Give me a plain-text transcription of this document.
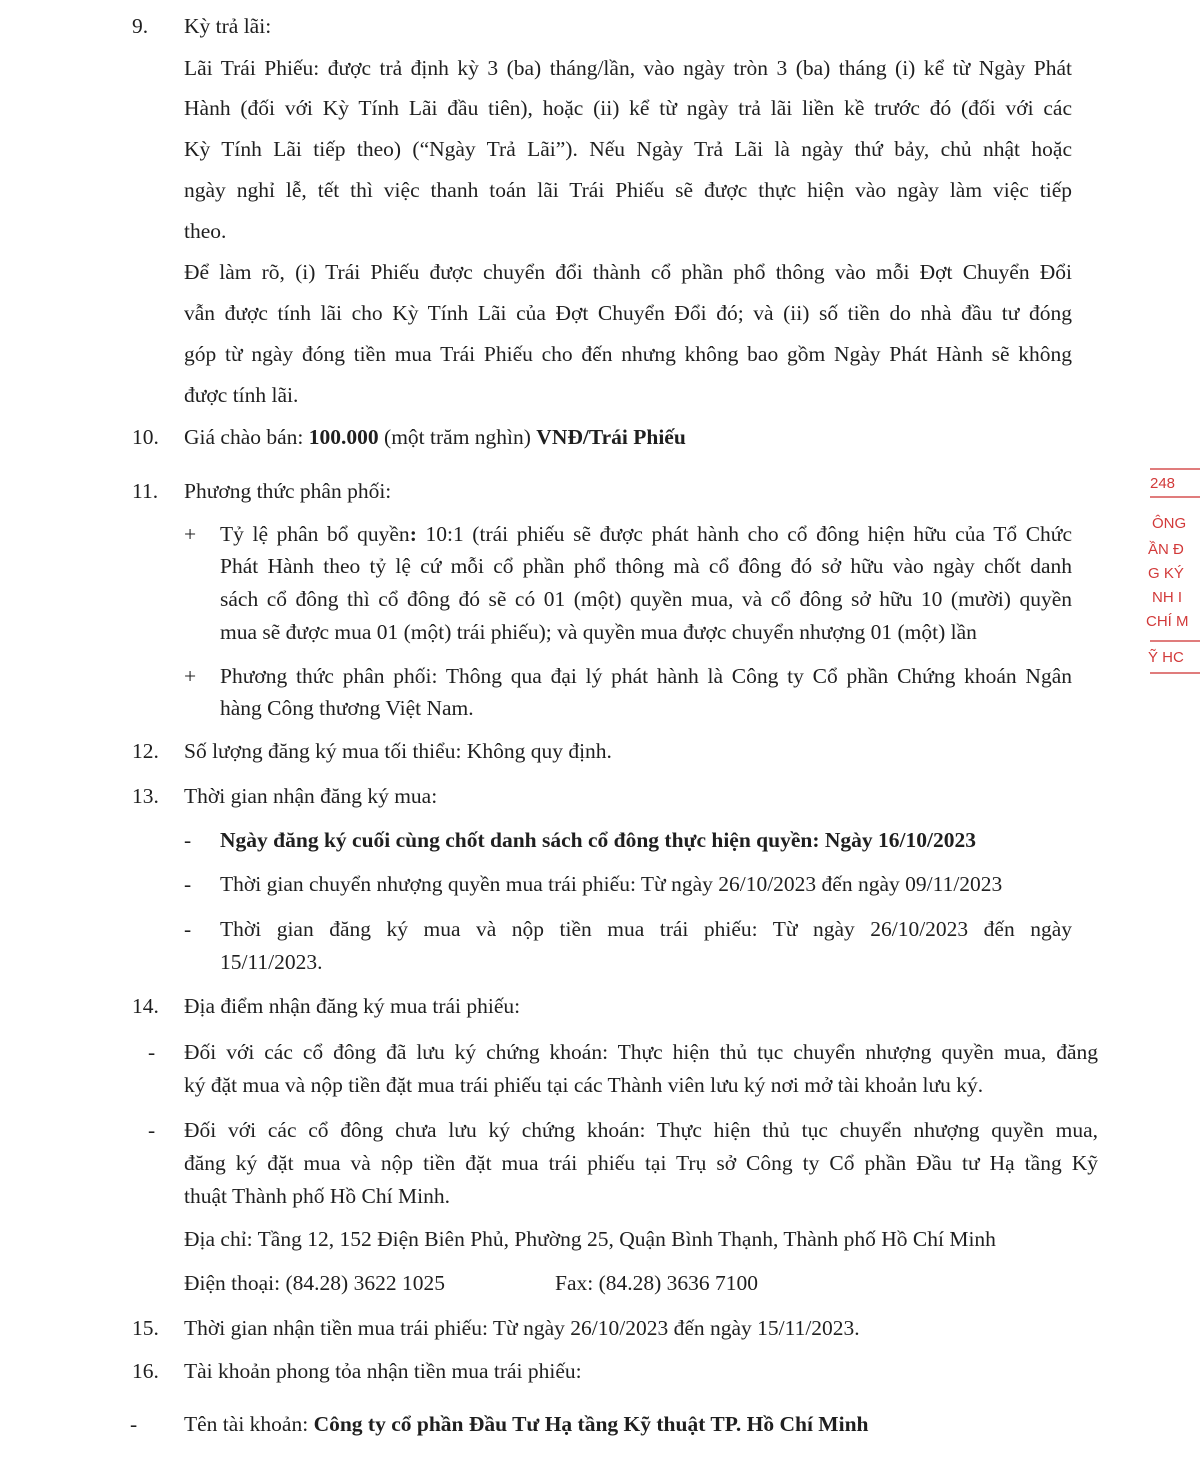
9. Kỳ trả lãi:
Lãi Trái Phiếu: được trả định kỳ 3 (ba) tháng/lần, vào ngày tròn 3 (ba) tháng (i) kể từ Ngày Phát
Hành (đối với Kỳ Tính Lãi đầu tiên), hoặc (ii) kể từ ngày trả lãi liền kề trước đó (đối với các
Kỳ Tính Lãi tiếp theo) (“Ngày Trả Lãi”). Nếu Ngày Trả Lãi là ngày thứ bảy, chủ nhật hoặc
ngày nghỉ lễ, tết thì việc thanh toán lãi Trái Phiếu sẽ được thực hiện vào ngày làm việc tiếp
theo.
Để làm rõ, (i) Trái Phiếu được chuyển đổi thành cổ phần phổ thông vào mỗi Đợt Chuyển Đổi
vẫn được tính lãi cho Kỳ Tính Lãi của Đợt Chuyển Đổi đó; và (ii) số tiền do nhà đầu tư đóng
góp từ ngày đóng tiền mua Trái Phiếu cho đến nhưng không bao gồm Ngày Phát Hành sẽ không
được tính lãi.
10. Giá chào bán: 100.000 (một trăm nghìn) VNĐ/Trái Phiếu
11. Phương thức phân phối:
+ Tỷ lệ phân bổ quyền: 10:1 (trái phiếu sẽ được phát hành cho cổ đông hiện hữu của Tổ Chức
Phát Hành theo tỷ lệ cứ mỗi cổ phần phổ thông mà cổ đông đó sở hữu vào ngày chốt danh
sách cổ đông thì cổ đông đó sẽ có 01 (một) quyền mua, và cổ đông sở hữu 10 (mười) quyền
mua sẽ được mua 01 (một) trái phiếu); và quyền mua được chuyển nhượng 01 (một) lần
+ Phương thức phân phối: Thông qua đại lý phát hành là Công ty Cổ phần Chứng khoán Ngân
hàng Công thương Việt Nam.
12. Số lượng đăng ký mua tối thiểu: Không quy định.
13. Thời gian nhận đăng ký mua:
- Ngày đăng ký cuối cùng chốt danh sách cổ đông thực hiện quyền: Ngày 16/10/2023
- Thời gian chuyển nhượng quyền mua trái phiếu: Từ ngày 26/10/2023 đến ngày 09/11/2023
- Thời gian đăng ký mua và nộp tiền mua trái phiếu: Từ ngày 26/10/2023 đến ngày
15/11/2023.
14. Địa điểm nhận đăng ký mua trái phiếu:
- Đối với các cổ đông đã lưu ký chứng khoán: Thực hiện thủ tục chuyển nhượng quyền mua, đăng
ký đặt mua và nộp tiền đặt mua trái phiếu tại các Thành viên lưu ký nơi mở tài khoản lưu ký.
- Đối với các cổ đông chưa lưu ký chứng khoán: Thực hiện thủ tục chuyển nhượng quyền mua,
đăng ký đặt mua và nộp tiền đặt mua trái phiếu tại Trụ sở Công ty Cổ phần Đầu tư Hạ tầng Kỹ
thuật Thành phố Hồ Chí Minh.
Địa chỉ: Tầng 12, 152 Điện Biên Phủ, Phường 25, Quận Bình Thạnh, Thành phố Hồ Chí Minh
Điện thoại: (84.28) 3622 1025	Fax: (84.28) 3636 7100
15. Thời gian nhận tiền mua trái phiếu: Từ ngày 26/10/2023 đến ngày 15/11/2023.
16. Tài khoản phong tỏa nhận tiền mua trái phiếu:
- Tên tài khoản: Công ty cổ phần Đầu Tư Hạ tầng Kỹ thuật TP. Hồ Chí Minh
248
ÔNG
ẦN Đ
G KÝ
NH I
CHÍ M
Ỹ HC
